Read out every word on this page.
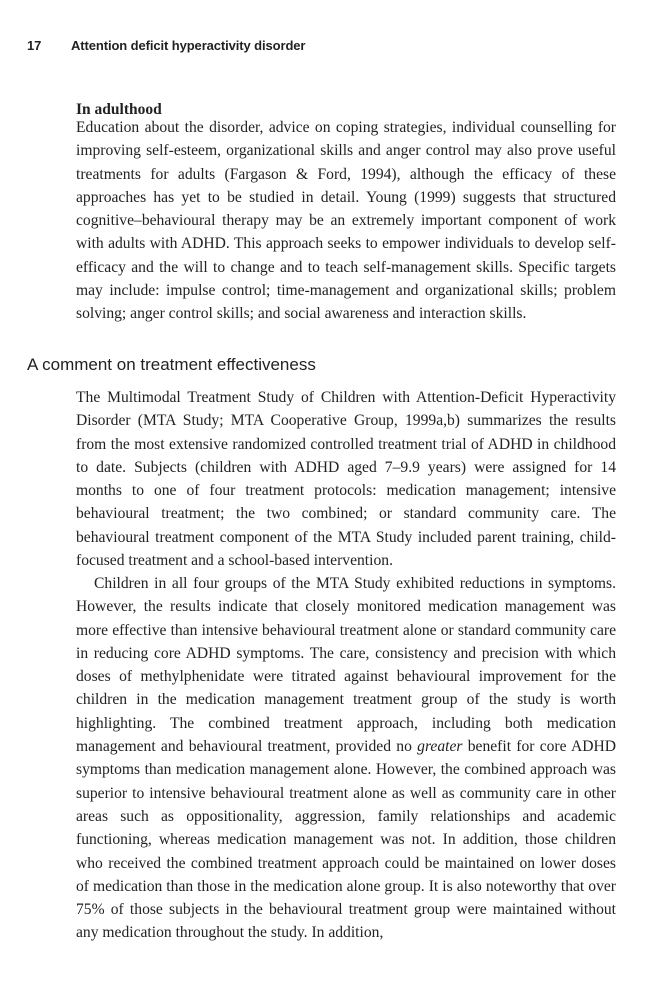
17 Attention deficit hyperactivity disorder
In adulthood

Education about the disorder, advice on coping strategies, individual counselling for improving self-esteem, organizational skills and anger control may also prove useful treatments for adults (Fargason & Ford, 1994), although the efficacy of these approaches has yet to be studied in detail. Young (1999) suggests that structured cognitive–behavioural therapy may be an extremely important component of work with adults with ADHD. This approach seeks to empower individuals to develop self-efficacy and the will to change and to teach self-management skills. Specific targets may include: impulse control; time-management and organizational skills; problem solving; anger control skills; and social awareness and interaction skills.

A comment on treatment effectiveness

The Multimodal Treatment Study of Children with Attention-Deficit Hyperactivity Disorder (MTA Study; MTA Cooperative Group, 1999a,b) summarizes the results from the most extensive randomized controlled treatment trial of ADHD in childhood to date. Subjects (children with ADHD aged 7–9.9 years) were assigned for 14 months to one of four treatment protocols: medication management; intensive behavioural treatment; the two combined; or standard community care. The behavioural treatment component of the MTA Study included parent training, child-focused treatment and a school-based intervention.

Children in all four groups of the MTA Study exhibited reductions in symptoms. However, the results indicate that closely monitored medication management was more effective than intensive behavioural treatment alone or standard community care in reducing core ADHD symptoms. The care, consistency and precision with which doses of methylphenidate were titrated against behavioural improvement for the children in the medication management treatment group of the study is worth highlighting. The combined treatment approach, including both medication management and behavioural treatment, provided no greater benefit for core ADHD symptoms than medication management alone. However, the combined approach was superior to intensive behavioural treatment alone as well as community care in other areas such as oppositionality, aggression, family relationships and academic functioning, whereas medication management was not. In addition, those children who received the combined treatment approach could be maintained on lower doses of medication than those in the medication alone group. It is also noteworthy that over 75% of those subjects in the behavioural treatment group were maintained without any medication throughout the study. In addition,
